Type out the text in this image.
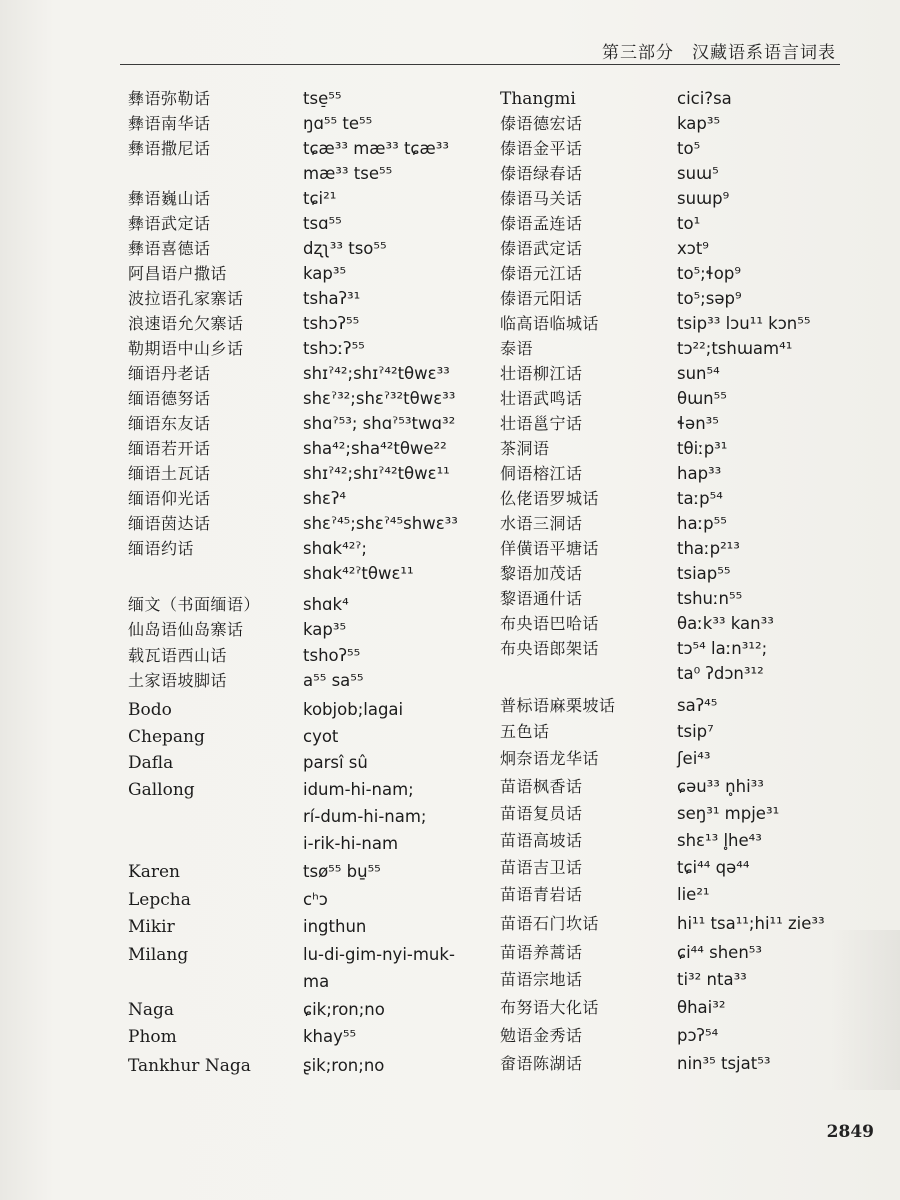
第三部分　汉藏语系语言词表
彝语弥勒话	tse̠⁵⁵
彝语南华话	ŋɑ⁵⁵ te⁵⁵
彝语撒尼话	tɕæ³³ mæ³³ tɕæ³³
mæ³³ tse⁵⁵
彝语巍山话	tɕi²¹
彝语武定话	tsɑ⁵⁵
彝语喜德话	dʐʅ³³ tso⁵⁵
阿昌语户撒话	kap³⁵
波拉语孔家寨话	tshaʔ³¹
浪速语允欠寨话	tshɔʔ⁵⁵
勒期语中山乡话	tshɔːʔ⁵⁵
缅语丹老话	shɪˀ⁴²;shɪˀ⁴²tθwɛ³³
缅语德努话	shɛˀ³²;shɛˀ³²tθwɛ³³
缅语东友话	shɑˀ⁵³; shɑˀ⁵³twɑ³²
缅语若开话	sha⁴²;sha⁴²tθwe²²
缅语土瓦话	shɪˀ⁴²;shɪˀ⁴²tθwɛ¹¹
缅语仰光话	shɛʔ⁴
缅语茵达话	shɛˀ⁴⁵;shɛˀ⁴⁵shwɛ³³
缅语约话	shɑk⁴²ˀ;
shɑk⁴²ˀtθwɛ¹¹
缅文（书面缅语）	shɑk⁴
仙岛语仙岛寨话	kap³⁵
载瓦语西山话	tshoʔ⁵⁵
土家语坡脚话	a⁵⁵ sa⁵⁵
Bodo	kobjob;lagai
Chepang	cyot
Dafla	parsî sû
Gallong	idum-hi-nam;
rí-dum-hi-nam;
i-rik-hi-nam
Karen	tsø⁵⁵ bu̱⁵⁵
Lepcha	cʰɔ
Mikir	ingthun
Milang	lu-di-gim-nyi-muk-
ma
Naga	ɕik;ron;no
Phom	khay⁵⁵
Tankhur Naga	ʂik;ron;no
Thangmi	cici?sa
傣语德宏话	kap³⁵
傣语金平话	to⁵
傣语绿春话	suɯ⁵
傣语马关话	suɯp⁹
傣语孟连话	to¹
傣语武定话	xɔt⁹
傣语元江话	to⁵;ɬop⁹
傣语元阳话	to⁵;səp⁹
临高语临城话	tsip³³ lɔu¹¹ kɔn⁵⁵
泰语	tɔ²²;tshɯam⁴¹
壮语柳江话	sun⁵⁴
壮语武鸣话	θɯn⁵⁵
壮语邕宁话	ɬən³⁵
茶洞语	tθiːp³¹
侗语榕江话	hap³³
仫佬语罗城话	taːp⁵⁴
水语三洞话	haːp⁵⁵
佯僙语平塘话	thaːp²¹³
黎语加茂话	tsiap⁵⁵
黎语通什话	tshuːn⁵⁵
布央语巴哈话	θaːk³³ kan³³
布央语郎架话	tɔ⁵⁴ laːn³¹²;
ta⁰ ʔdɔn³¹²
普标语麻栗坡话	saʔ⁴⁵
五色话	tsip⁷
炯奈语龙华话	ʃei⁴³
苗语枫香话	ɕəu³³ n̥hi³³
苗语复员话	seŋ³¹ mpje³¹
苗语高坡话	shɛ¹³ l̥he⁴³
苗语吉卫话	tɕi⁴⁴ qə⁴⁴
苗语青岩话	lie²¹
苗语石门坎话	hi¹¹ tsa¹¹;hi¹¹ zie³³
苗语养蒿话	ɕi⁴⁴ shen⁵³
苗语宗地话	ti³² nta³³
布努语大化话	θhai³²
勉语金秀话	pɔʔ⁵⁴
畲语陈湖话	nin³⁵ tsjat⁵³
2849
